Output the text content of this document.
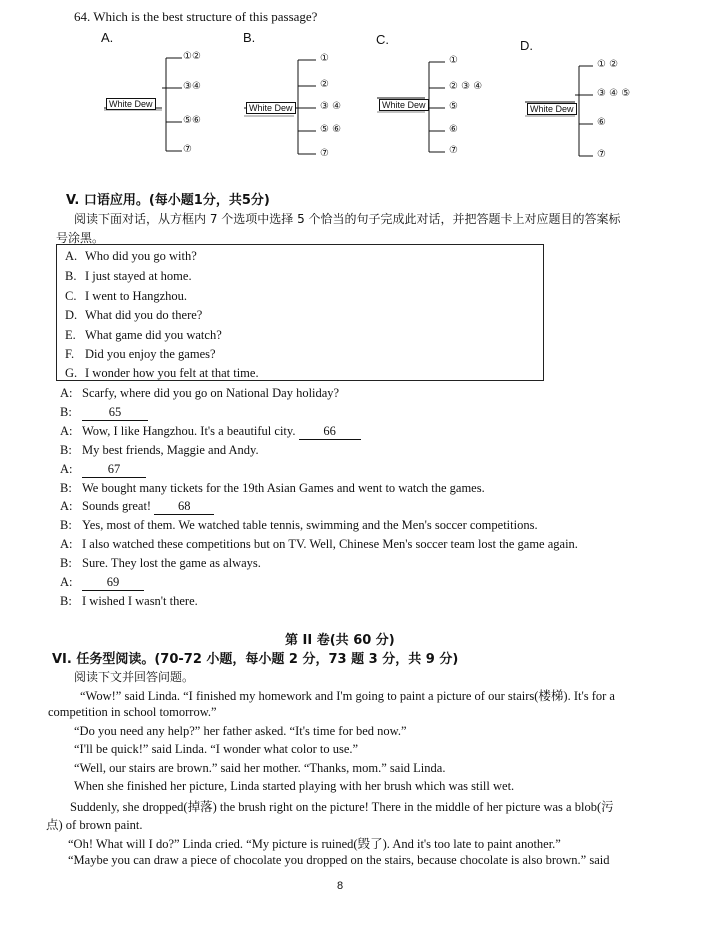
64. Which is the best structure of this passage?
A.
White Dew
①②
③④
⑤⑥
⑦
B.
White Dew
①
②
③ ④
⑤ ⑥
⑦
C.
White Dew
①
② ③ ④
⑤
⑥
⑦
D.
White Dew
① ②
③ ④ ⑤
⑥
⑦
V. 口语应用。(每小题1分，共5分)
阅读下面对话，从方框内 7 个选项中选择 5 个恰当的句子完成此对话，并把答题卡上对应题目的答案标
号涂黑。
A. Who did you go with?
B. I just stayed at home.
C. I went to Hangzhou.
D. What did you do there?
E. What game did you watch?
F. Did you enjoy the games?
G. I wonder how you felt at that time.
A: Scarfy, where did you go on National Day holiday?
B:	65
A: Wow, I like Hangzhou. It's a beautiful city. 66
B: My best friends, Maggie and Andy.
A:	67
B: We bought many tickets for the 19th Asian Games and went to watch the games.
A: Sounds great! 68
B: Yes, most of them. We watched table tennis, swimming and the Men's soccer competitions.
A: I also watched these competitions but on TV. Well, Chinese Men's soccer team lost the game again.
B: Sure. They lost the game as always.
A:	69
B: I wished I wasn't there.
第 II 卷(共 60 分)
VI. 任务型阅读。(70-72 小题，每小题 2 分，73 题 3 分，共 9 分)
阅读下文并回答问题。
“Wow!” said Linda. “I finished my homework and I'm going to paint a picture of our stairs(楼梯). It's for a
competition in school tomorrow.”
“Do you need any help?” her father asked. “It's time for bed now.”
“I'll be quick!” said Linda. “I wonder what color to use.”
“Well, our stairs are brown.” said her mother. “Thanks, mom.” said Linda.
When she finished her picture, Linda started playing with her brush which was still wet.
Suddenly, she dropped(掉落) the brush right on the picture! There in the middle of her picture was a blob(污
点) of brown paint.
“Oh! What will I do?” Linda cried. “My picture is ruined(毁了). And it's too late to paint another.”
“Maybe you can draw a piece of chocolate you dropped on the stairs, because chocolate is also brown.” said
8
